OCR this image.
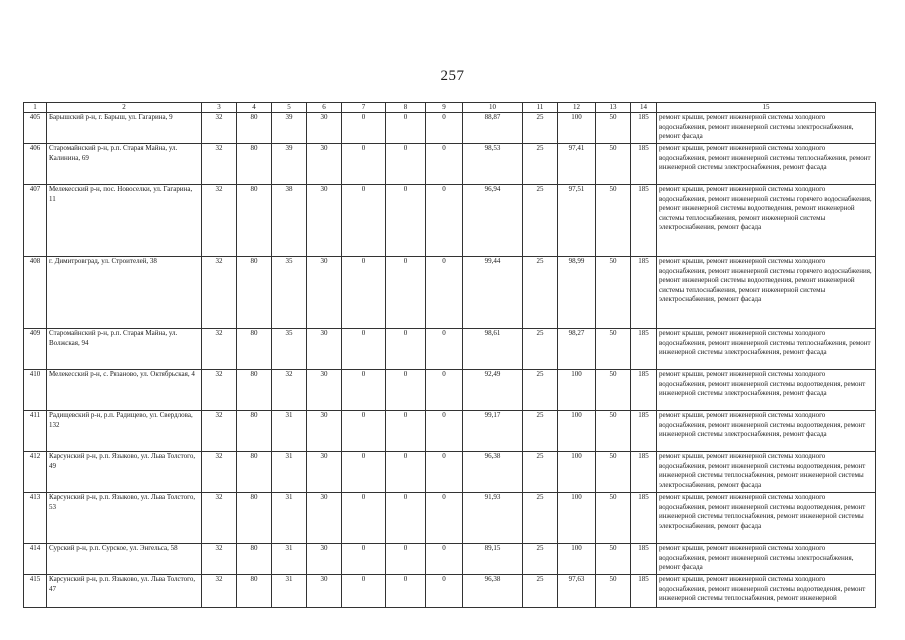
257
1	2	3	4	5	6	7	8	9	10	11	12	13	14	15
405	Барышский р-н, г. Барыш, ул. Гагарина, 9	32	80	39	30	0	0	0	88,87	25	100	50	185	ремонт крыши, ремонт инженерной системы холодного водоснабжения, ремонт инженерной системы электроснабжения, ремонт фасада
406	Старомайнский р-н, р.п. Старая Майна, ул. Калинина, 69	32	80	39	30	0	0	0	98,53	25	97,41	50	185	ремонт крыши, ремонт инженерной системы холодного водоснабжения, ремонт инженерной системы теплоснабжения, ремонт инженерной системы электроснабжения, ремонт фасада
407	Мелекесский р-н, пос. Новоселки, ул. Гагарина, 11	32	80	38	30	0	0	0	96,94	25	97,51	50	185	ремонт крыши, ремонт инженерной системы холодного водоснабжения, ремонт инженерной системы горячего водоснабжения, ремонт инженерной системы водоотведения, ремонт инженерной системы теплоснабжения, ремонт инженерной системы электроснабжения, ремонт фасада
408	г. Димитровград, ул. Строителей, 38	32	80	35	30	0	0	0	99,44	25	98,99	50	185	ремонт крыши, ремонт инженерной системы холодного водоснабжения, ремонт инженерной системы горячего водоснабжения, ремонт инженерной системы водоотведения, ремонт инженерной системы теплоснабжения, ремонт инженерной системы электроснабжения, ремонт фасада
409	Старомайнский р-н, р.п. Старая Майна, ул. Волжская, 94	32	80	35	30	0	0	0	98,61	25	98,27	50	185	ремонт крыши, ремонт инженерной системы холодного водоснабжения, ремонт инженерной системы теплоснабжения, ремонт инженерной системы электроснабжения, ремонт фасада
410	Мелекесский р-н, с. Рязаново, ул. Октябрьская, 4	32	80	32	30	0	0	0	92,49	25	100	50	185	ремонт крыши, ремонт инженерной системы холодного водоснабжения, ремонт инженерной системы водоотведения, ремонт инженерной системы электроснабжения, ремонт фасада
411	Радищевский р-н, р.п. Радищево, ул. Свердлова, 132	32	80	31	30	0	0	0	99,17	25	100	50	185	ремонт крыши, ремонт инженерной системы холодного водоснабжения, ремонт инженерной системы водоотведения, ремонт инженерной системы электроснабжения, ремонт фасада
412	Карсунский р-н, р.п. Языково, ул. Льва Толстого, 49	32	80	31	30	0	0	0	96,38	25	100	50	185	ремонт крыши, ремонт инженерной системы холодного водоснабжения, ремонт инженерной системы водоотведения, ремонт инженерной системы теплоснабжения, ремонт инженерной системы электроснабжения, ремонт фасада
413	Карсунский р-н, р.п. Языково, ул. Льва Толстого, 53	32	80	31	30	0	0	0	91,93	25	100	50	185	ремонт крыши, ремонт инженерной системы холодного водоснабжения, ремонт инженерной системы водоотведения, ремонт инженерной системы теплоснабжения, ремонт инженерной системы электроснабжения, ремонт фасада
414	Сурский р-н, р.п. Сурское, ул. Энгельса, 58	32	80	31	30	0	0	0	89,15	25	100	50	185	ремонт крыши, ремонт инженерной системы холодного водоснабжения, ремонт инженерной системы электроснабжения, ремонт фасада
415	Карсунский р-н, р.п. Языково, ул. Льва Толстого, 47	32	80	31	30	0	0	0	96,38	25	97,63	50	185	ремонт крыши, ремонт инженерной системы холодного водоснабжения, ремонт инженерной системы водоотведения, ремонт инженерной системы теплоснабжения, ремонт инженерной
